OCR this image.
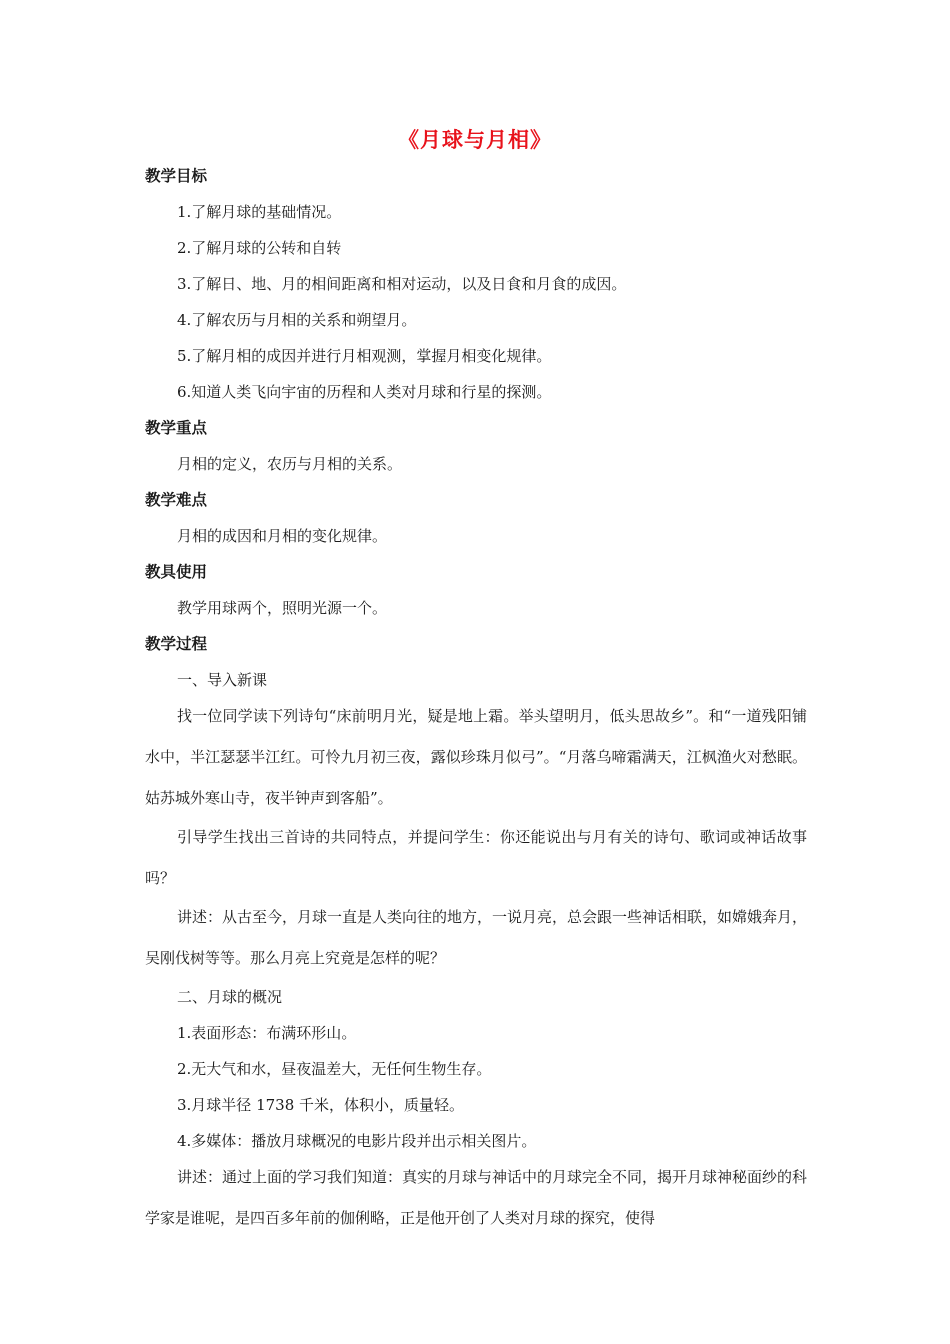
《月球与月相》
教学目标
1.了解月球的基础情况。
2.了解月球的公转和自转
3.了解日、地、月的相间距离和相对运动，以及日食和月食的成因。
4.了解农历与月相的关系和朔望月。
5.了解月相的成因并进行月相观测，掌握月相变化规律。
6.知道人类飞向宇宙的历程和人类对月球和行星的探测。
教学重点
月相的定义，农历与月相的关系。
教学难点
月相的成因和月相的变化规律。
教具使用
教学用球两个，照明光源一个。
教学过程
一、导入新课
找一位同学读下列诗句“床前明月光，疑是地上霜。举头望明月，低头思故乡”。和“一道残阳铺水中，半江瑟瑟半江红。可怜九月初三夜，露似珍珠月似弓”。“月落乌啼霜满天，江枫渔火对愁眠。姑苏城外寒山寺，夜半钟声到客船”。
引导学生找出三首诗的共同特点，并提问学生：你还能说出与月有关的诗句、歌词或神话故事吗？
讲述：从古至今，月球一直是人类向往的地方，一说月亮，总会跟一些神话相联，如嫦娥奔月，吴刚伐树等等。那么月亮上究竟是怎样的呢？
二、月球的概况
1.表面形态：布满环形山。
2.无大气和水，昼夜温差大，无任何生物生存。
3.月球半径 1738 千米，体积小，质量轻。
4.多媒体：播放月球概况的电影片段并出示相关图片。
讲述：通过上面的学习我们知道：真实的月球与神话中的月球完全不同，揭开月球神秘面纱的科学家是谁呢，是四百多年前的伽俐略，正是他开创了人类对月球的探究，使得
